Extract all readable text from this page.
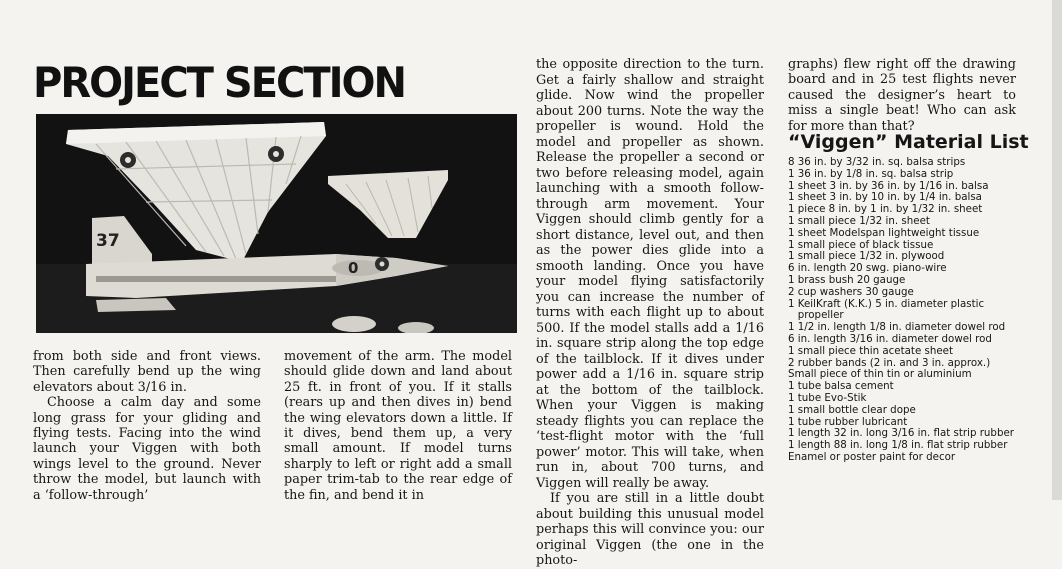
PROJECT SECTION
37
0

from both side and front views. Then carefully bend up the wing elevators about 3/16 in.

Choose a calm day and some long grass for your gliding and flying tests. Facing into the wind launch your Viggen with both wings level to the ground. Never throw the model, but launch with a ‘follow-through’

movement of the arm. The model should glide down and land about 25 ft. in front of you. If it stalls (rears up and then dives in) bend the wing elevators down a little. If it dives, bend them up, a very small amount. If model turns sharply to left or right add a small paper trim-tab to the rear edge of the fin, and bend it in

the opposite direction to the turn. Get a fairly shallow and straight glide. Now wind the propeller about 200 turns. Note the way the propeller is wound. Hold the model and propeller as shown. Release the propeller a second or two before releasing model, again launching with a smooth follow-through arm movement. Your Viggen should climb gently for a short distance, level out, and then as the power dies glide into a smooth landing. Once you have your model flying satisfactorily you can increase the number of turns with each flight up to about 500. If the model stalls add a 1/16 in. square strip along the top edge of the tailblock. If it dives under power add a 1/16 in. square strip at the bottom of the tailblock. When your Viggen is making steady flights you can replace the ‘test-flight motor with the ‘full power’ motor. This will take, when run in, about 700 turns, and Viggen will really be away.

If you are still in a little doubt about building this unusual model perhaps this will convince you: our original Viggen (the one in the photo-

graphs) flew right off the drawing board and in 25 test flights never caused the designer’s heart to miss a single beat! Who can ask for more than that?

“Viggen” Material List
8 36 in. by 3/32 in. sq. balsa strips
1 36 in. by 1/8 in. sq. balsa strip
1 sheet 3 in. by 36 in. by 1/16 in. balsa
1 sheet 3 in. by 10 in. by 1/4 in. balsa
1 piece 8 in. by 1 in. by 1/32 in. sheet
1 small piece 1/32 in. sheet
1 sheet Modelspan lightweight tissue
1 small piece of black tissue
1 small piece 1/32 in. plywood
6 in. length 20 swg. piano-wire
1 brass bush 20 gauge
2 cup washers 30 gauge
1 KeilKraft (K.K.) 5 in. diameter plastic
propeller
1 1/2 in. length 1/8 in. diameter dowel rod
6 in. length 3/16 in. diameter dowel rod
1 small piece thin acetate sheet
2 rubber bands (2 in. and 3 in. approx.)
Small piece of thin tin or aluminium
1 tube balsa cement
1 tube Evo-Stik
1 small bottle clear dope
1 tube rubber lubricant
1 length 32 in. long 3/16 in. flat strip rubber
1 length 88 in. long 1/8 in. flat strip rubber
Enamel or poster paint for decor
